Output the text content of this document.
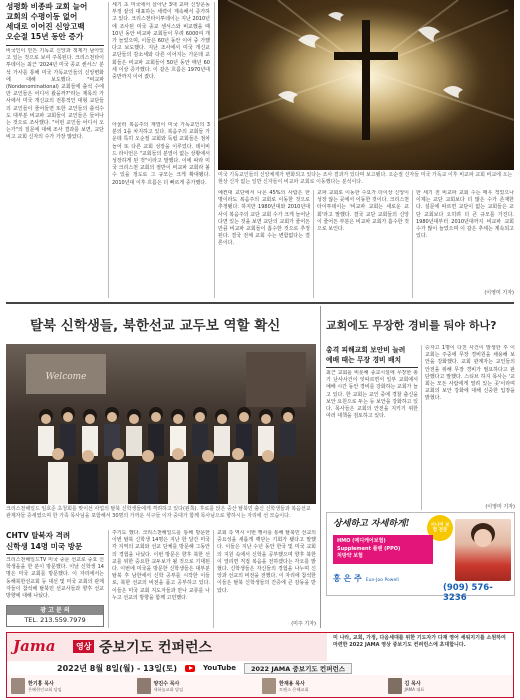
성평화 비종파 교회 늘어
교회의 수평이동 없어
세대로 이어진 신앙고백
오순절 15년 동안 증가
비국인이 만든 기독교 신앙과 책제가 남아있고 있는 것으로 보여 주목된다. 크리스천타이투데이는 최근 '2024년 미국 종교 센서스' 분석 가사를 통해 미국 가독교인들의 신앙변화에 대해 보도했다. "비교파(Nondenominational) 교회들에 출석 수에만 교인들은 어디서 왔을까?"라는 제목의 가사에서 미국 개신교의 전통적인 대형 교단들의 교인들이 줄어들면 또한 교인들의 출석수도 대부분 비교파 교회들이 교인들은 들어나는 것으로 조사했다. "어떤 교인들 어디서 오는가"의 질문에 대해 조사 결과를 보면, 교단 비고 교회 신자의 수가 가장 많았다.
세기 초 미국에서 살아난 3대 교파 신앙운동 부정 끝의 대표하는 세력이 계속해서 증가하고 있다. 크리스천타이투데이는 지난 2010년에 조사된 미국 종교 센서스와 비교했을 때 10년 동안 비교파 교회들이 무려 6000여 개가 늘었으며, 이들은 60년 동안 이어 중 가했다고 보도했다. 지난 조사에서 미국 개신교 교단들의 감소세와 다른 이어지는 가운데 교회들은 비교파 교회들이 50년 동안 매년 60세 이상 증가했다. 이 같은 흐름은 1970년대 중반까지 이어 졌다.
아울러 복음주의 계열이 미국 가독교인의 3분의 1을 차지하고 있다. 복음주의 교회들 가운데 특히 오순절 교회와 독립 교회들은 점차 늘어 또 다른 교회 성장을 이루었다. 데이비드 라이언은 "교회들의 분열이 없는 상황에서 성장하게 된 것"이라고 말했다. 이에 따라 미국 크리스천 교회의 절반이 비교파 교회라 볼 수 있을 정도로 그 규모는 크게 확대됐다. 2010년대 이후 흐름은 더 빠르게 증가했다.
미국 기독교인들의 신앙체제가 변화되고 있다는 조사 결과가 있다며 보고됐다. 오순절 신자들 미국 가독교 이후 비교파 교회 비교에 오는 현상 신자 없는 일반 신자들이 비교파 교회로 이동했다는 분석이다.
예컨대 교단에서 나온 45%의 사람은 한 명이라도 복음주의 교회로 이동한 것으로 추정됐다. 하지만 1980년대와 2010년대 사이 복음주의 교단 교회 수가 크게 늘어난다면 있는 것을 보면 교단의 교회가 줄어든 만큼 비교파 교회들이 흡수한 것으로 추정된다. 결국 전체 교회 수는 변함없다는 결론이다.
교파 교회로 이동한 수요가 더이상 신앙이 성장 않는 곳에서 이동한 것이다. 크리스천타이투데이는 '비교파 교회는 새로운 교회'라고 말했다. 결국 교단 교회들의 신앙이 줄어든 부분은 비교파 교회가 흡수한 것으로 보인다.
한 세기 전 비교파 교회 수는 매우 적었으나 이제는 교단 교회보다 더 많은 수가 존재한다. 설문에 따르면 교단이 없는 교회들은 교단 교회보다 오히려 더 큰 규모를 가진다. 1980년대부터 2010년대까지 비교파 교회 수가 많이 늘었으며 이 같은 추세는 계속되고 있다.
(이영미 기자)
탈북 신학생들, 북한선교 교두보 역할 확신
Welcome
크리스천해일드 임호준 초청회를 맞이선 사업의 탈북 신학생들에게 격려하고 있다(왼쪽). 후로를 앉은 중산 탈북민 출신 신학생들과 복음선교 관계자들 증세였으며 한 가족 목사님을 포함해서 30명의 가까운 식구들 이자 중대가 함께 목사님으로 향하시는 자리에 선 모습이다.
CHTV 탈북자 격려
신학생 14명 미국 방문
크리스천해일드TV 미국 중문 선교로 중요 신학생을을 한 분이 방문했다. 이날 신학생 14명은 미국 교회를 방문했다. 이 자리에서는 동해북한선교회 등 대선 및 미국 교회의 관계자들이 참석해 탈북민 선교사들과 향후 선교 방향에 대해 나눴다.
광 고 문 의
TEL. 213.559.7979
주기도 했다. 크리스천해일드를 통해 방문한 이번 탈북 신학생 14명은 지난 한 달간 미국 각 지역의 교회와 선교 단체를 방문해 그동안의 경험을 나눴다. 이번 방문은 향후 북한 선교를 위한 중요한 교두보가 될 것으로 기대된다. 이번에 미국을 방문한 신학생들은 대부분 탈북 후 남한에서 신학 공부를 시작한 이들로, 북한 선교의 비전을 품고 공부하고 있다. 이들은 미국 교회 지도자들과 만나 교류를 나누고 선교의 방향을 함께 고민했다.
교회 측 역시 이번 행사를 통해 탈북민 선교의 중요성을 새롭게 깨닫는 기회가 됐다고 말했다. 이들은 지난 수년 동안 한국 및 미국 교회의 지원 속에서 신학을 공부했으며 향후 북한이 열리면 직접 복음을 전하겠다는 각오를 밝혔다. 신학생들은 자신들의 경험을 나누며 신앙과 선교의 비전을 전했다. 이 자리에 참석한 이들은 탈북 신학생들의 간증에 큰 감동을 받았다.
(미주 기자)
교회에도 무장한 경비를 둬야 하나?
총격 피해교회 보안비 늘려
예배 때는 무장 경비 배치
최근 교회를 비롯해 종교시설에 무장한 총기 난사사건이 잇따르면서 일부 교회에서 예배 시간 동안 경비를 강화하는 교회가 늘고 있다. 한 교회는 교인 중에 경찰 출신을 보안 요원으로 두는 등 보안을 강화하고 있다. 목사들은 교회의 안전을 지키기 위한 여러 대책을 검토하고 있다.
승자고 1명이 다친 사건이 발생한 후 이 교회는 주중에 무장 경비원을 채용해 보안을 강화했다. 교회 관계자는 교인들의 안전을 위해 무장 경비가 필요하다고 판단했다고 말했다. 스티브 하지 목사는 '교회는 모든 사람에게 열려 있는 곳'이라며 교회의 보안 강화에 대해 신중한 입장을 밝혔다.
(이영미 기자)
상세하고 자세하게!	시니어 보험 전문
HMO (메디케어보험)
Supplement 플랜 (PPO)
처방약 보험
홍 은 주 Eun-Joo Powell
(909) 576-3236
Jama	영상 중보기도 컨퍼런스
미 나라, 교회, 가정, 다음세대를 위한 기도자가 다재 영어 세워지기를 소원하여 마련한 2022 JAMA 영상 중보기도 컨퍼런스에 초대합니다.
2022년 8월 8일(월) - 13일(토)	YouTube	2022 JAMA 중보기도 컨퍼런스
한기홍 목사
은혜한인교회 담임
양진수 목사
새하늘교회 담임
한재용 목사
토랜스 은혜교회
김 목사
JAMA 대표
